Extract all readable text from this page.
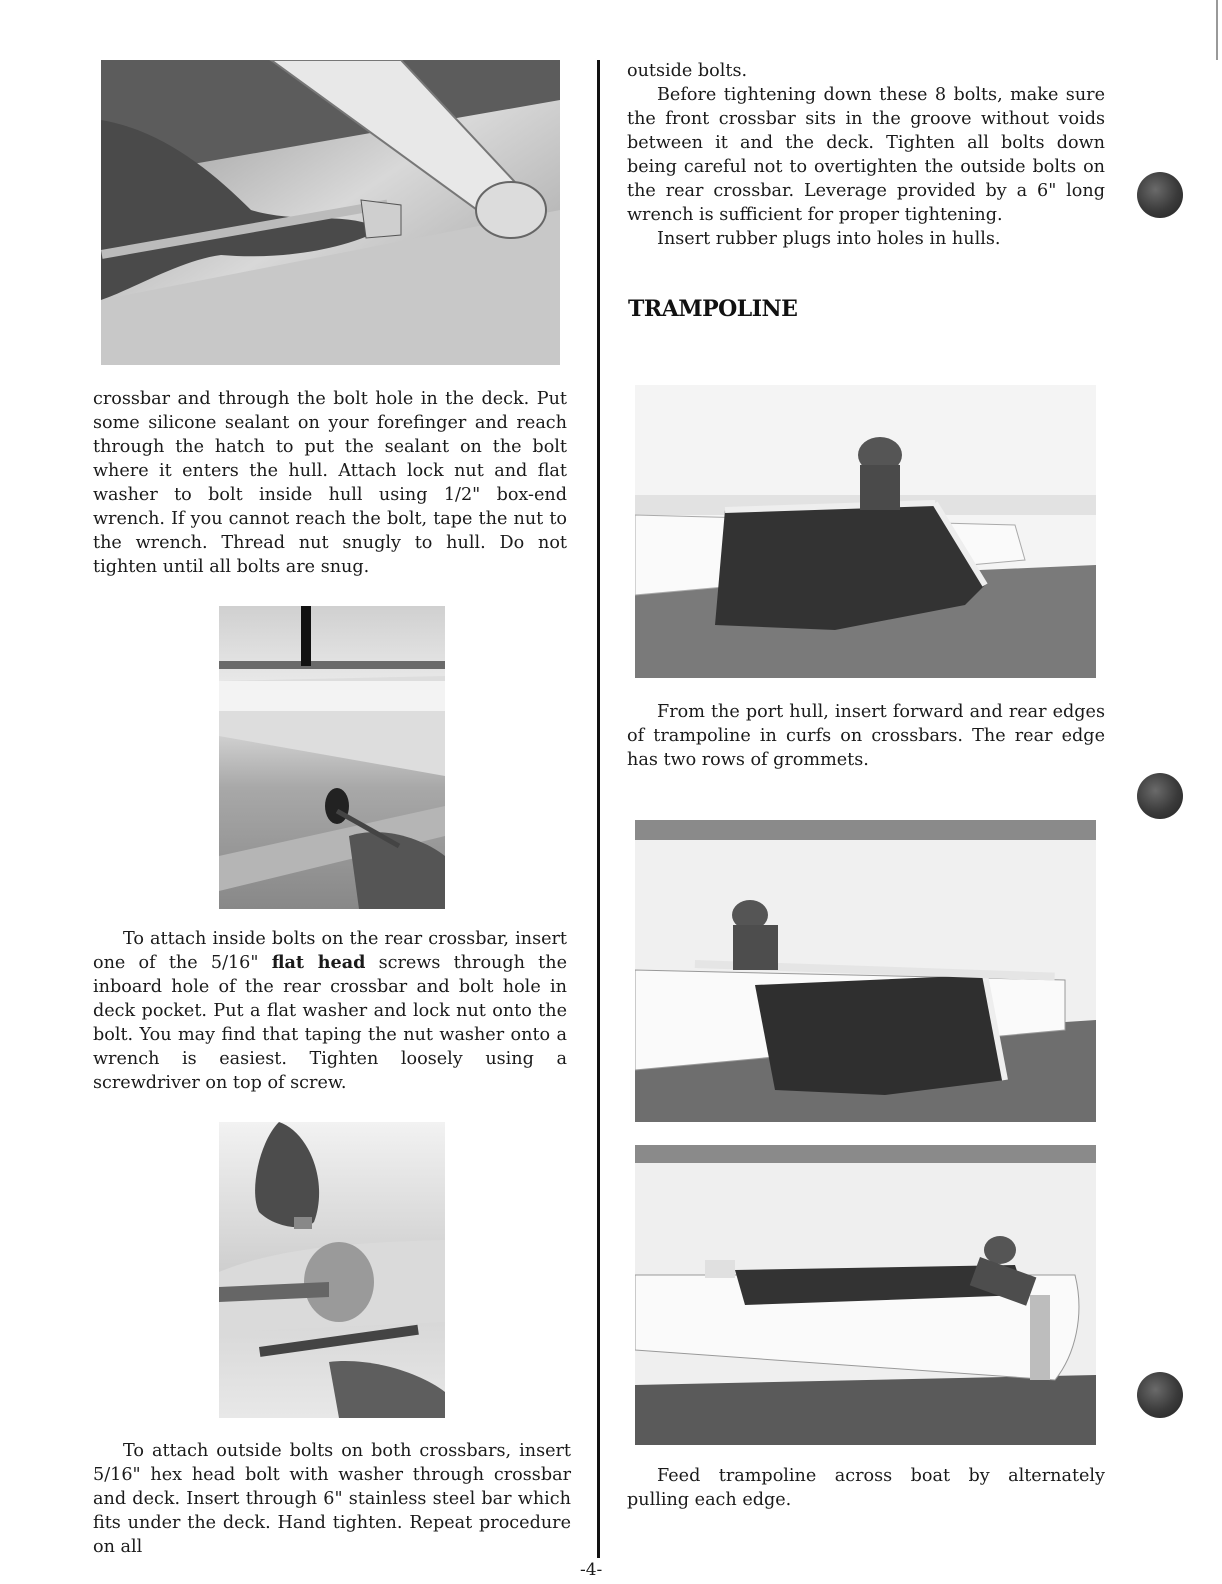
crossbar and through the bolt hole in the deck. Put some silicone sealant on your forefinger and reach through the hatch to put the sealant on the bolt where it enters the hull. Attach lock nut and flat washer to bolt inside hull using 1/2" box-end wrench. If you cannot reach the bolt, tape the nut to the wrench. Thread nut snugly to hull. Do not tighten until all bolts are snug.

To attach inside bolts on the rear crossbar, insert one of the 5/16" flat head screws through the inboard hole of the rear crossbar and bolt hole in deck pocket. Put a flat washer and lock nut onto the bolt. You may find that taping the nut washer onto a wrench is easiest. Tighten loosely using a screwdriver on top of screw.

To attach outside bolts on both crossbars, insert 5/16" hex head bolt with washer through crossbar and deck. Insert through 6" stainless steel bar which fits under the deck. Hand tighten. Repeat procedure on all

outside bolts.

Before tightening down these 8 bolts, make sure the front crossbar sits in the groove without voids between it and the deck. Tighten all bolts down being careful not to overtighten the outside bolts on the rear crossbar. Leverage provided by a 6" long wrench is sufficient for proper tightening.

Insert rubber plugs into holes in hulls.

TRAMPOLINE

From the port hull, insert forward and rear edges of trampoline in curfs on crossbars. The rear edge has two rows of grommets.

Feed trampoline across boat by alternately pulling each edge.

-4-
